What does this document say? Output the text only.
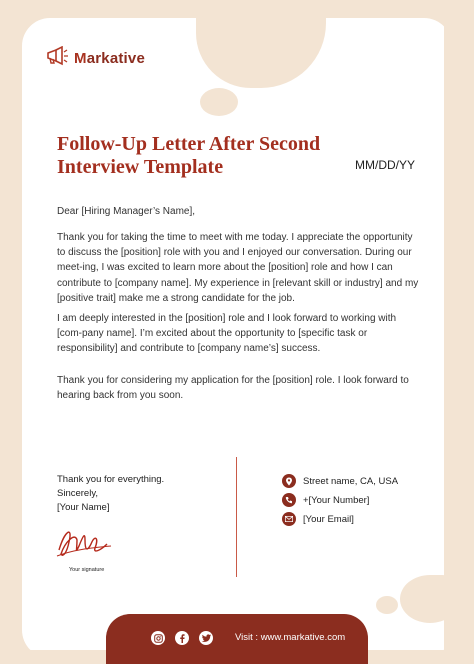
Markative
Follow-Up Letter After Second Interview Template	MM/DD/YY
Dear [Hiring Manager’s Name],
Thank you for taking the time to meet with me today. I appreciate the opportunity to discuss the [position] role with you and I enjoyed our conversation. During our meet-ing, I was excited to learn more about the [position] role and how I can contribute to [company name]. My experience in [relevant skill or industry] and my [positive trait] make me a strong candidate for the job.
I am deeply interested in the [position] role and I look forward to working with [com-pany name]. I’m excited about the opportunity to [specific task or responsibility] and contribute to [company name’s] success.
Thank you for considering my application for the [position] role. I look forward to hearing back from you soon.
Thank you for everything.
Sincerely,
[Your Name]
Your signature
Street name, CA, USA
+[Your Number]
[Your Email]
Visit : www.markative.com
